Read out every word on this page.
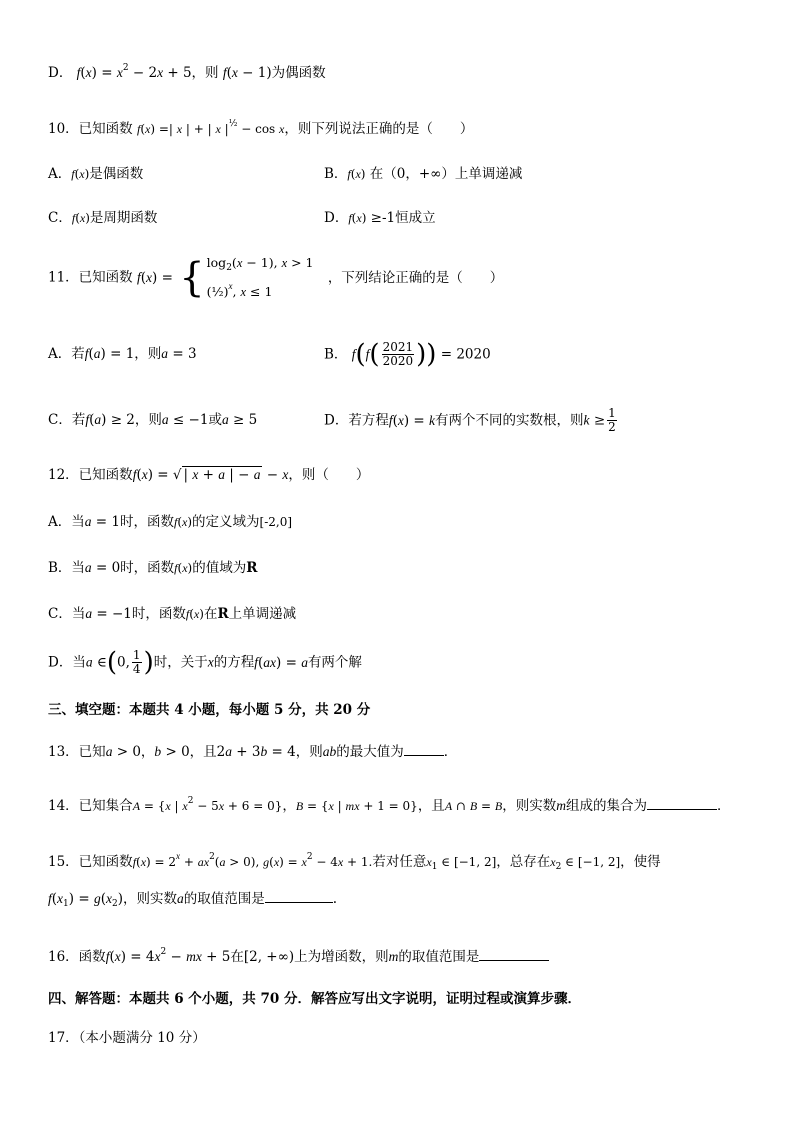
D． $f(x) = x^2 - 2x + 5$，则 f(x − 1)为偶函数
10．已知函数 f(x) =| x | + | x $|^{\frac{1}{2}} - \cos x$，则下列说法正确的是（　　）
A．f(x)是偶函数	B．f(x) 在（0，+∞）上单调递减
C．f(x)是周期函数	D．f(x) ≥-1恒成立
11．已知函数 f(x) = { $\log_2(x - 1)$, x > 1
(½)$^x$, x ≤ 1
，下列结论正确的是（　　）
A．若f(a) = 1，则a = 3	B． $f(f( \frac{2021}{2020}$ )) = 2020
C．若f(a) ≥ 2，则a ≤ −1或a ≥ 5	D．若方程f(x) = k有两个不同的实数根，则$k \ge \frac{1}{2}$
12．已知函数f(x) = √ | x + a | − a − x，则（　　）
A．当a = 1时，函数f(x)的定义域为[-2,0]
B．当a = 0时，函数f(x)的值域为R
C．当a = −1时，函数f(x)在R上单调递减
D．当a ∈(0, $\frac{1}{4}$ )时，关于x的方程f(ax) = a有两个解
三、填空题：本题共 4 小题，每小题 5 分，共 20 分
13．已知a > 0，b > 0，且2a + 3b = 4，则ab的最大值为	．
14．已知集合A = {x | $x^2 - 5x + 6 = 0$}，B = {x | mx + 1 = 0}，且A ∩ B = B，则实数m组成的集合为	．
15．已知函数$f(x) = 2^x + ax^2(a > 0)$, $g(x) = x^2 - 4x + 1$.若对任意$x_1$ ∈ [−1, 2]，总存在$x_2$ ∈ [−1, 2]，使得
$f(x_1) = g(x_2)$，则实数a的取值范围是	.
16．函数$f(x) = 4x^2$ − mx + 5在[2, +∞)上为增函数，则m的取值范围是
四、解答题：本题共 6 个小题，共 70 分．解答应写出文字说明，证明过程或演算步骤．
17．（本小题满分 10 分）
